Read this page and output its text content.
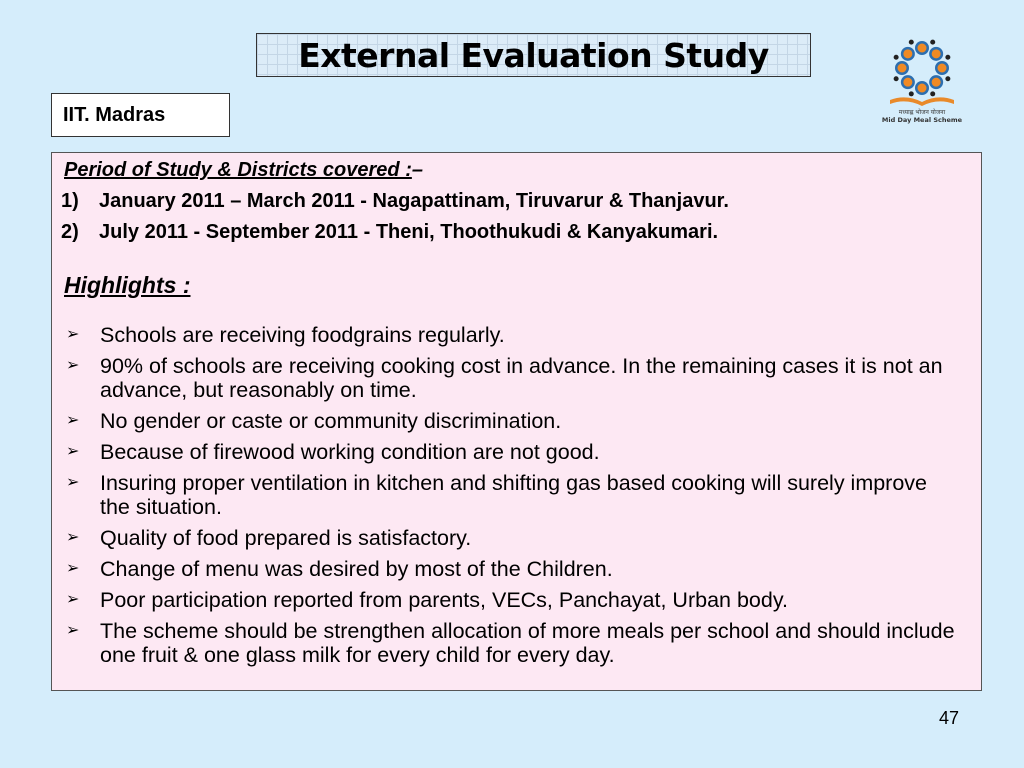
External Evaluation Study
IIT. Madras	मध्याह्न भोजन योजना
Mid Day Meal Scheme
Period of Study & Districts covered :–
1) January 2011 – March 2011 - Nagapattinam, Tiruvarur & Thanjavur.
2) July 2011 - September 2011 - Theni, Thoothukudi & Kanyakumari.
Highlights :
➢ Schools are receiving foodgrains regularly.
➢ 90% of schools are receiving cooking cost in advance. In the remaining cases it is not an advance, but reasonably on time.
➢ No gender or caste or community discrimination.
➢ Because of firewood working condition are not good.
➢ Insuring proper ventilation in kitchen and shifting gas based cooking will surely improve the situation.
➢ Quality of food prepared is satisfactory.
➢ Change of menu was desired by most of the Children.
➢ Poor participation reported from parents, VECs, Panchayat, Urban body.
➢ The scheme should be strengthen allocation of more meals per school and should include one fruit & one glass milk for every child for every day.
47
